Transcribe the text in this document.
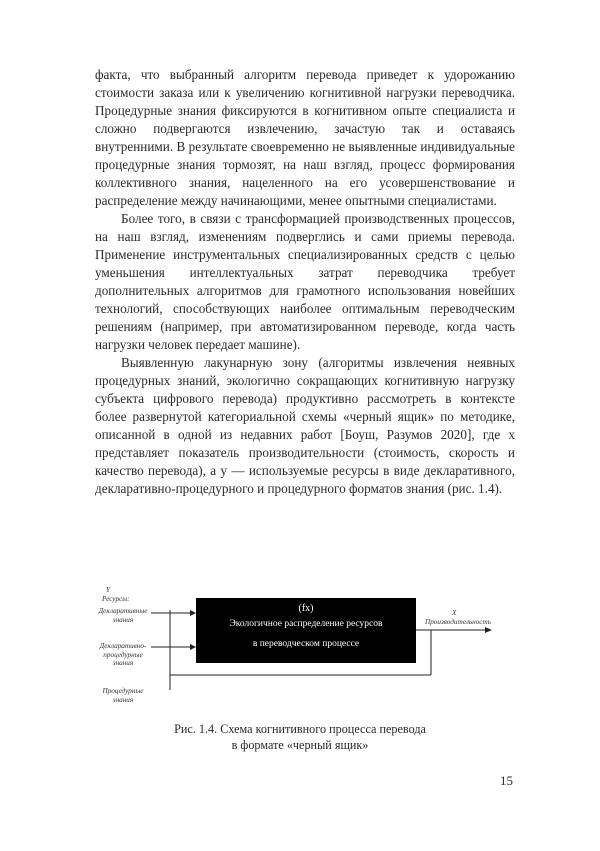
факта, что выбранный алгоритм перевода приведет к удорожанию стоимости заказа или к увеличению когнитивной нагрузки переводчика. Процедурные знания фиксируются в когнитивном опыте специалиста и сложно подвергаются извлечению, зачастую так и оставаясь внутренними. В результате своевременно не выявленные индивидуальные процедурные знания тормозят, на наш взгляд, процесс формирования коллективного знания, нацеленного на его усовершенствование и распределение между начинающими, менее опытными специалистами.

Более того, в связи с трансформацией производственных процессов, на наш взгляд, изменениям подверглись и сами приемы перевода. Применение инструментальных специализированных средств с целью уменьшения интеллектуальных затрат переводчика требует дополнительных алгоритмов для грамотного использования новейших технологий, способствующих наиболее оптимальным переводческим решениям (например, при автоматизированном переводе, когда часть нагрузки человек передает машине).

Выявленную лакунарную зону (алгоритмы извлечения неявных процедурных знаний, экологично сокращающих когнитивную нагрузку субъекта цифрового перевода) продуктивно рассмотреть в контексте более развернутой категориальной схемы «черный ящик» по методике, описанной в одной из недавних работ [Боуш, Разумов 2020], где x представляет показатель производительности (стоимость, скорость и качество перевода), а y — используемые ресурсы в виде декларативного, декларативно-процедурного и процедурного форматов знания (рис. 1.4).

Y
Ресурсы:
Декларативные знания
Декларативно-процедурные знания
Процедурные знания
(fx)
Экологичное распределение ресурсов
в переводческом процессе
X
Производительность
Рис. 1.4. Схема когнитивного процесса перевода
в формате «черный ящик»
15
